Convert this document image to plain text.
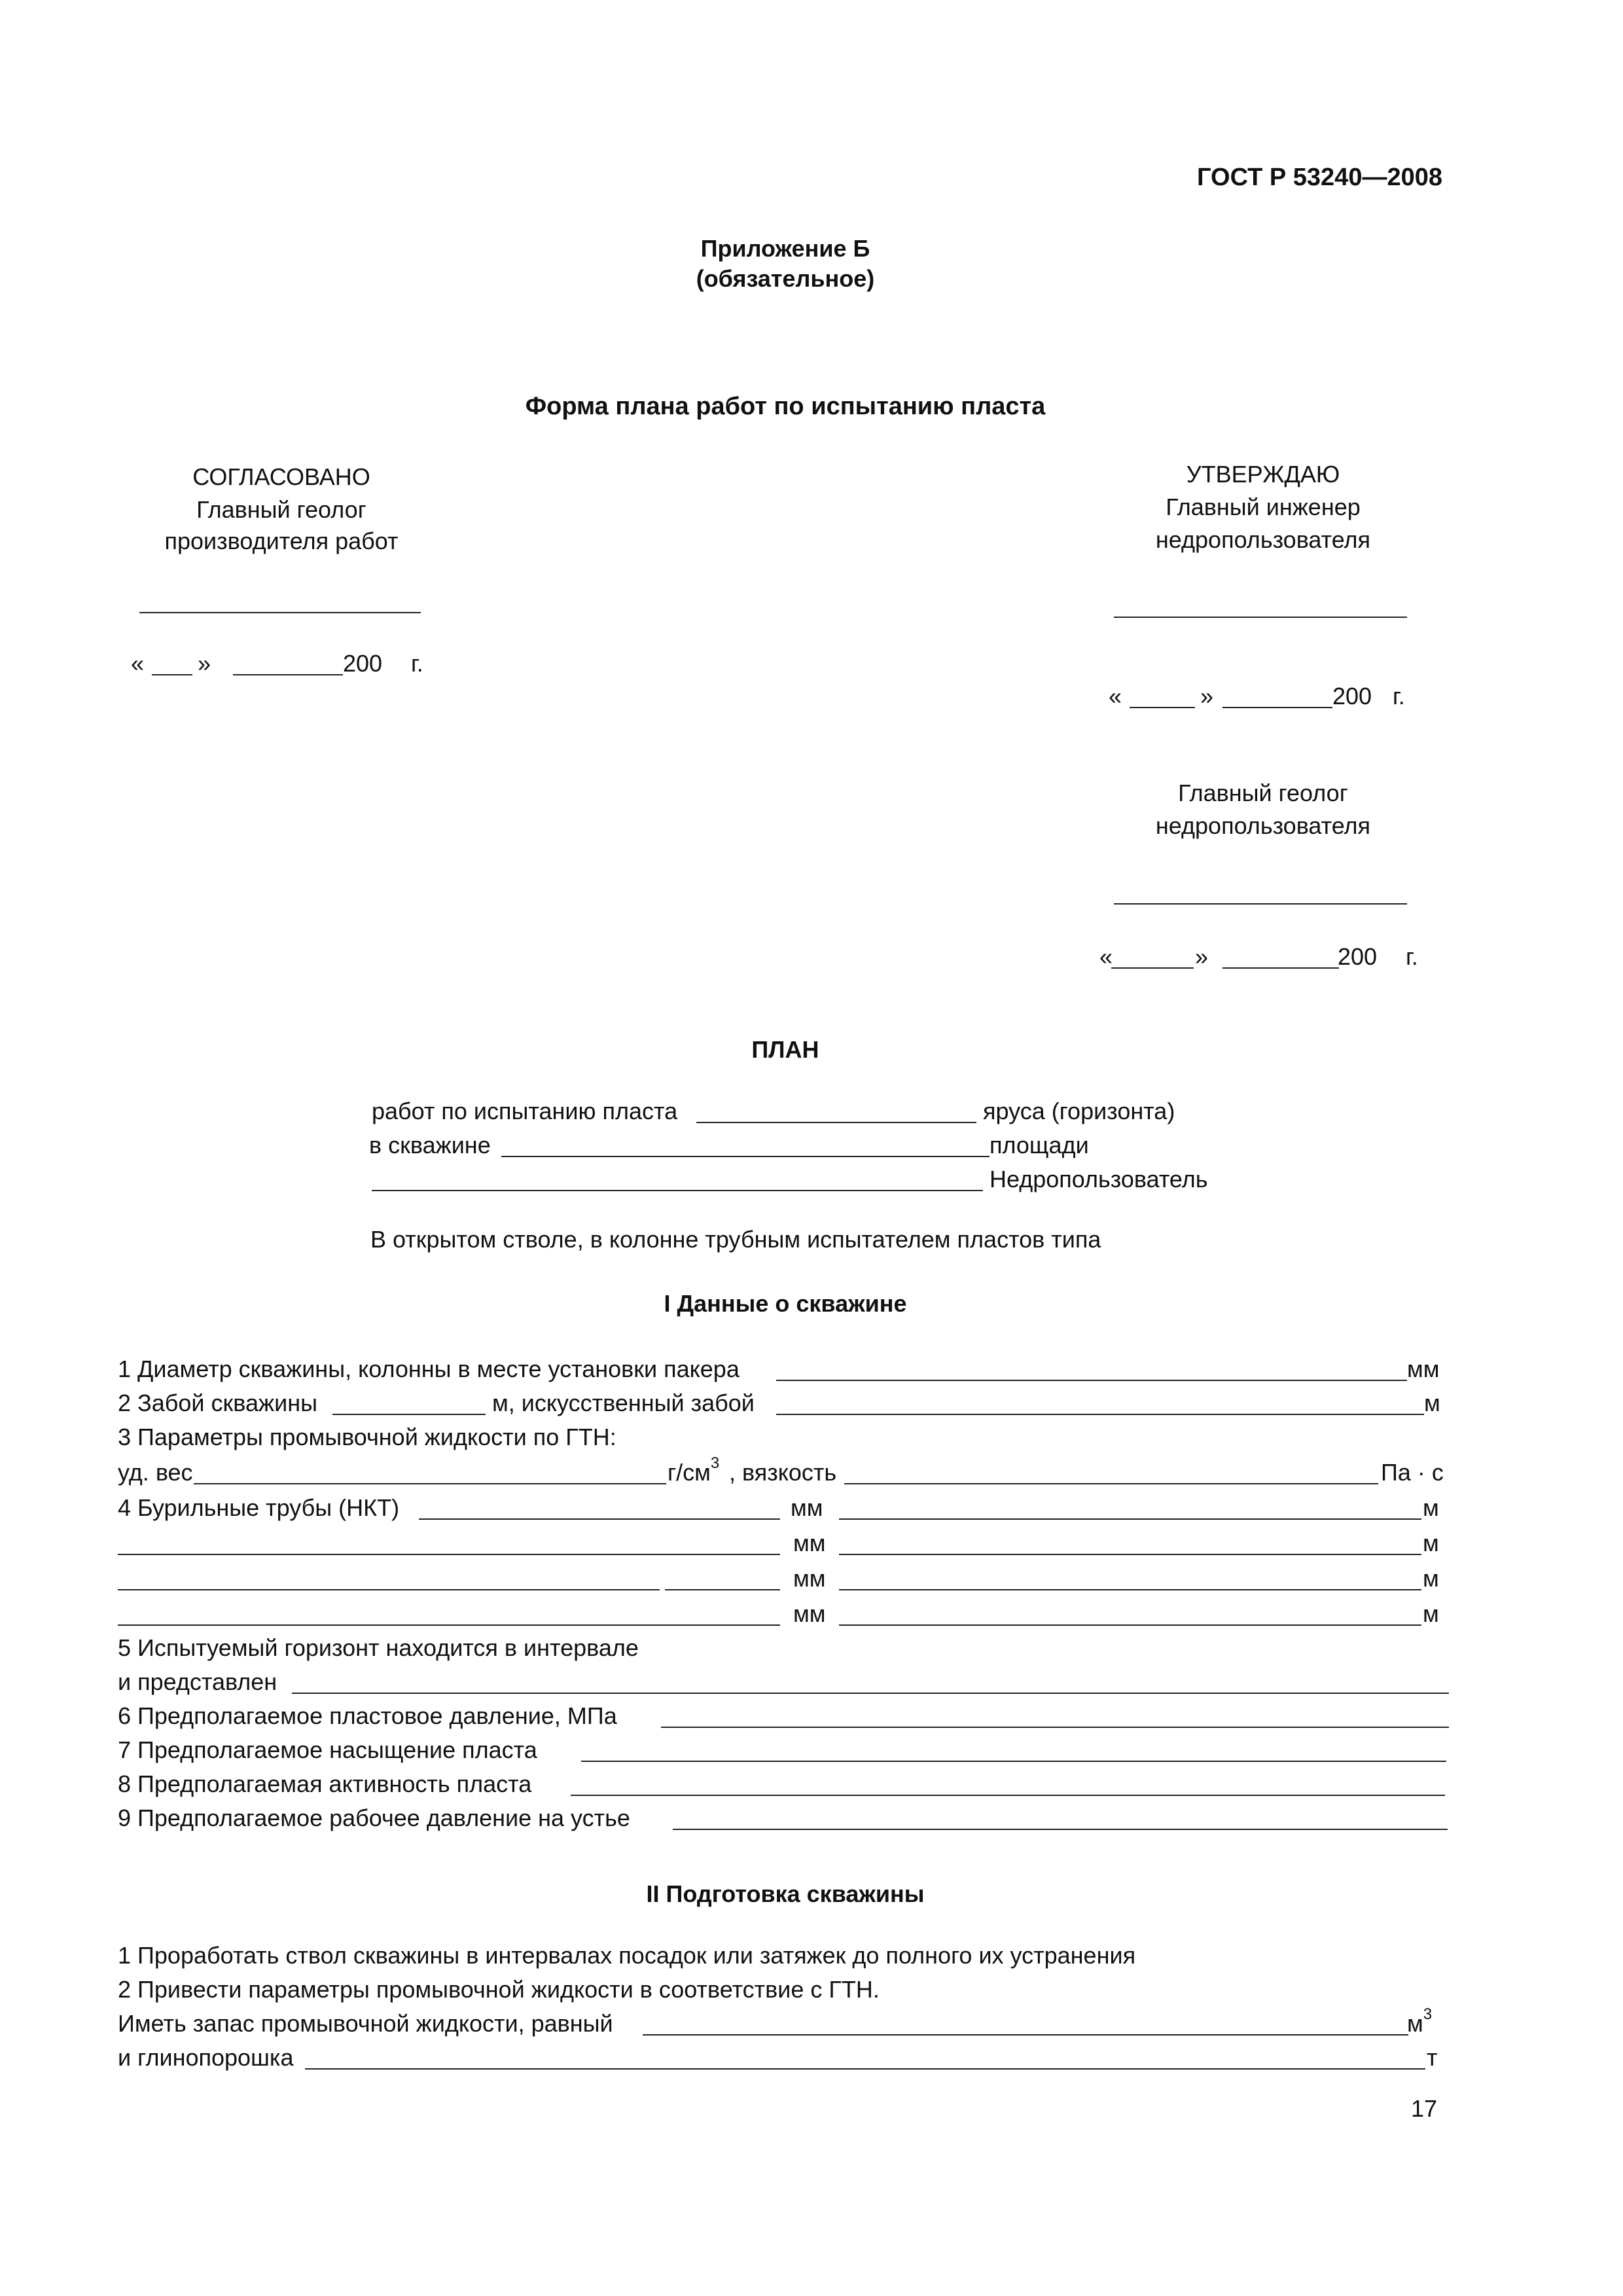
ГОСТ Р 53240—2008
Приложение Б
(обязательное)
Форма плана работ по испытанию пласта
СОГЛАСОВАНО
Главный геолог
производителя работ
« »	200 г.
УТВЕРЖДАЮ
Главный инженер
недропользователя
«	»	200 г.
Главный геолог
недропользователя
«	»	200 г.
ПЛАН
работ по испытанию пласта	яруса (горизонта)
в скважине	площади
Недропользователь
В открытом стволе, в колонне трубным испытателем пластов типа
I Данные о скважине
1 Диаметр скважины, колонны в месте установки пакера	мм
2 Забой скважины	м, искусственный забой	м
3 Параметры промывочной жидкости по ГТН:
уд. вес	$г/см^3$ , вязкость	Па · с
4 Бурильные трубы (НКТ)	мм	м
мм	м
мм	м
мм	м
5 Испытуемый горизонт находится в интервале
и представлен
6 Предполагаемое пластовое давление, МПа
7 Предполагаемое насыщение пласта
8 Предполагаемая активность пласта
9 Предполагаемое рабочее давление на устье
II Подготовка скважины
1 Проработать ствол скважины в интервалах посадок или затяжек до полного их устранения
2 Привести параметры промывочной жидкости в соответствие с ГТН.
Иметь запас промывочной жидкости, равный	$м^3$
и глинопорошка	т
17
